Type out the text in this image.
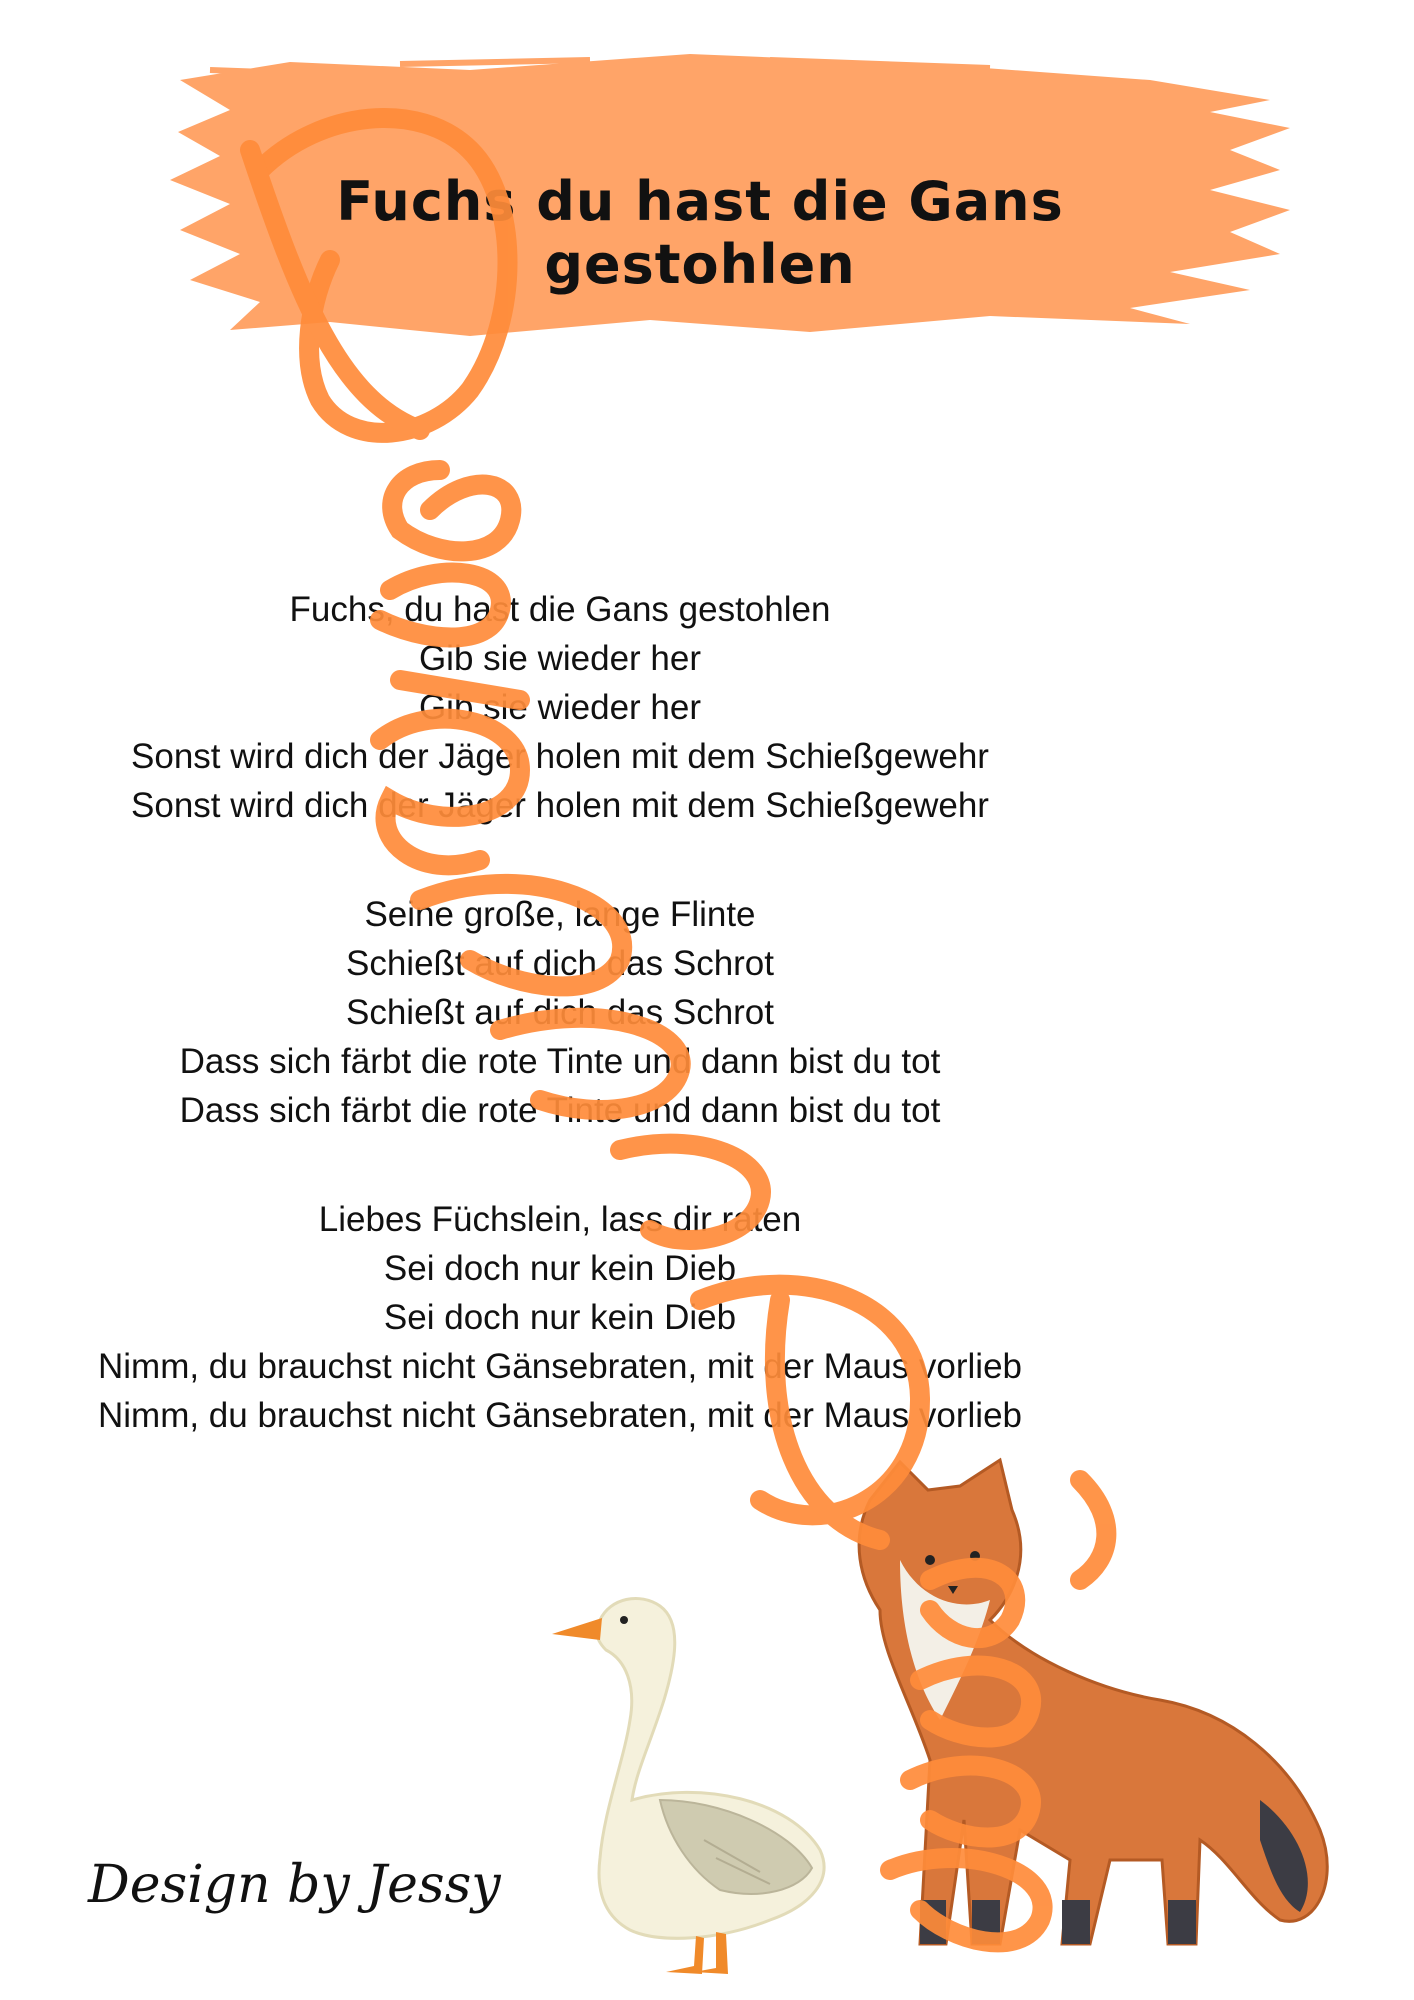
Fuchs du hast die Gans gestohlen
Fuchs, du hast die Gans gestohlen
Gib sie wieder her
Gib sie wieder her
Sonst wird dich der Jäger holen mit dem Schießgewehr
Sonst wird dich der Jäger holen mit dem Schießgewehr
Seine große, lange Flinte
Schießt auf dich das Schrot
Schießt auf dich das Schrot
Dass sich färbt die rote Tinte und dann bist du tot
Dass sich färbt die rote Tinte und dann bist du tot
Liebes Füchslein, lass dir raten
Sei doch nur kein Dieb
Sei doch nur kein Dieb
Nimm, du brauchst nicht Gänsebraten, mit der Maus vorlieb
Nimm, du brauchst nicht Gänsebraten, mit der Maus vorlieb
Design by Jessy
